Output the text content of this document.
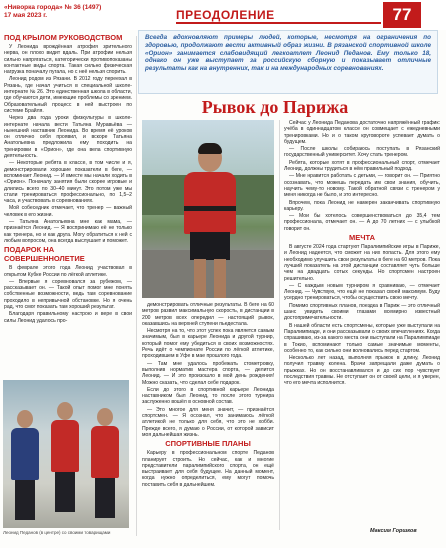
«Ниворка города» № 36 (1497)
17 мая 2023 г.	ПРЕОДОЛЕНИЕ	77
Всегда вдохновляют примеры людей, которые, несмотря на ограничения по здоровью, продолжают вести активный образ жизни. В рязанской спортивной школе «Орион» занимается слабовидящий легкоатлет Леонид Педанов. Ему только 18, однако он уже выступает за российскую сборную и показывает отличные результаты как на внутренних, так и на международных соревнованиях.
Рывок до Парижа
ПОД КРЫЛОМ РУКОВОДСТВОМ

У Леонида врождённая атрофия зрительного нерва, он плохо видит вдаль. При атрофии нельзя сильно напрягаться, категорически противопоказаны контактные виды спорта. Такая сильно физическая нагрузка поначалу пугала, но с неё нельзя спорить.

Леонид родом из Рязани. В 2012 году переехал в Рязань, где начал учиться в специальной школе-интернате № 26. Это единственная школа в области, где обучаются дети, имеющие проблемы со зрением. Образовательный процесс в ней выстроен по системе Брайля.

Через два года уроки физкультуры в школе-интернате начала вести Татьяна Муравьёва — нынешний наставник Леонида. Во время её уроков он отлично себя проявил, и вскоре Татьяна Анатольевна предложила ему походить на тренировки в «Орион», где она вела спортивную деятельность.

— Некоторые ребята в классе, в том числе и я, демонстрировали хорошие показатели в беге, — вспоминает Леонид. — И вместе мы начали ходить в «Орион». Поначалу занятия были скорее игровые и длились всего по 30–40 минут. Это потом уже мы стали тренироваться профессионально, по 1,5–2 часа, и участвовать в соревнованиях.

Мой собеседник отмечает, что тренер — важный человек в его жизни.

— Татьяна Анатольевна мне как мама, — признаётся Леонид. — Я воспринимаю её не только как тренера, но и как друга. Могу обратиться к ней с любым вопросом, она всегда выслушает и поможет.

ПОДАРОК НА СОВЕРШЕННОЛЕТИЕ

В феврале этого года Леонид участвовал в открытом Кубке России по лёгкой атлетике.

— Впервые я соревновался за рубежом, — рассказывает он. — Такой опыт помог мне понять собственные возможности, ведь там соревнование проходило в непривычной обстановке. Но я очень рад, что смог показать там хороший результат.

Благодаря правильному настрою и вере в свои силы Леонид удалось про-

Леонид Педанов (в центре) со своими товарищами

демонстрировать отличные результаты. В беге на 60 метров развил максимальную скорость, в дистанции в 200 метров всех опередил — настоящий рывок, оказавшись на верхней ступени пьедестала.

Несмотря на то, что этот успех пока является самым значимым, был в карьере Леонида и другой турнир, который помог ему убедиться в своих возможностях. Речь идёт о чемпионате России по лёгкой атлетике, проходившем в Уфе в мае прошлого года.

— Там мне удалось пробежать стометровку, выполнив норматив мастера спорта, — делится Леонид. — И это произошло в мой день рождения! Можно сказать, что сделал себе подарок.

Если до этого в спортивной карьере Леонида наставником был Леонид, то после этого турнира заслуженно вошёл в основной состав.

— Это многое для меня значит, — признаётся спортсмен. — Я осознал, что занимаюсь лёгкой атлетикой не только для себя, что это не хобби. Прежде всего, я думаю о России, от которой зависит моя дальнейшая жизнь.

СПОРТИВНЫЕ ПЛАНЫ

Карьеру в профессиональном спорте Педанов планирует строить. Но сейчас, как и многие представители паралимпийского спорта, он ещё выстраивает для себя будущее. На данный момент, когда нужно определиться, ему могут помочь поставить себя в дальнейшем.

Сейчас у Леонида Педанова достаточно напряжённый график: учёба в одиннадцатом классе он совмещает с ежедневными тренировками. Но и о таком круговороте успевает думать о будущем.

— После школы собираюсь поступать в Рязанский государственный университет. Хочу стать тренером.

Ребята, которые хотят в профессиональный спорт, отмечает Леонид, должны трудиться в нём правильный подход.

— Мне нравится работать с детьми, — говорит он. — Приятно осознавать, что можешь передать им свои знания, обучить, научить чему-то новому. Такой обратной связи с тренером у меня никогда не было, и это интересно.

Впрочем, пока Леонид не намерен заканчивать спортивную карьеру.

— Мои бы хотелось совершенствоваться до 35,4 тем профессионала, отмечает он. — А до 70 летних — с улыбкой говорит он.

МЕЧТА

В августе 2024 года стартуют Паралимпийские игры в Париже, и Леонид надеется, что сможет на них попасть. Для этого ему необходимо улучшить свои результаты в беге на 60 метров. Пока лучший показатель на этой дистанции составляет чуть больше чем на двадцать сотых секунды. Но спортсмен настроен решительно.

— С каждым новым турниром я сравниваю, — отмечает Леонид. — Чувствую, что ещё не показал своей максимум. Буду усердно тренироваться, чтобы осуществить свою мечту.

Помимо спортивных планов, поездка в Париж — это отличный шанс увидеть своими глазами всемирно известный достопримечательности.

В нашей области есть спортсмены, которые уже выступали на Паралимпиаде, и они рассказывали о своих впечатлениях. Когда спрашиваю, из-за какого места они выступали на Паралимпиаде в Токио, вспоминают только самые значимые моменты, особенно то, как сильно они волновались перед стартом.

Несколько лет назад, выполняя прыжок в длину, Леонид получил травму колена. Врачи запрещали даже думать о прыжках. Но он восстанавливался и до сих пор чувствует последствия травмы. Не отступает он от своей цели, и я уверен, что его мечта исполнится.

Максим Горшков
